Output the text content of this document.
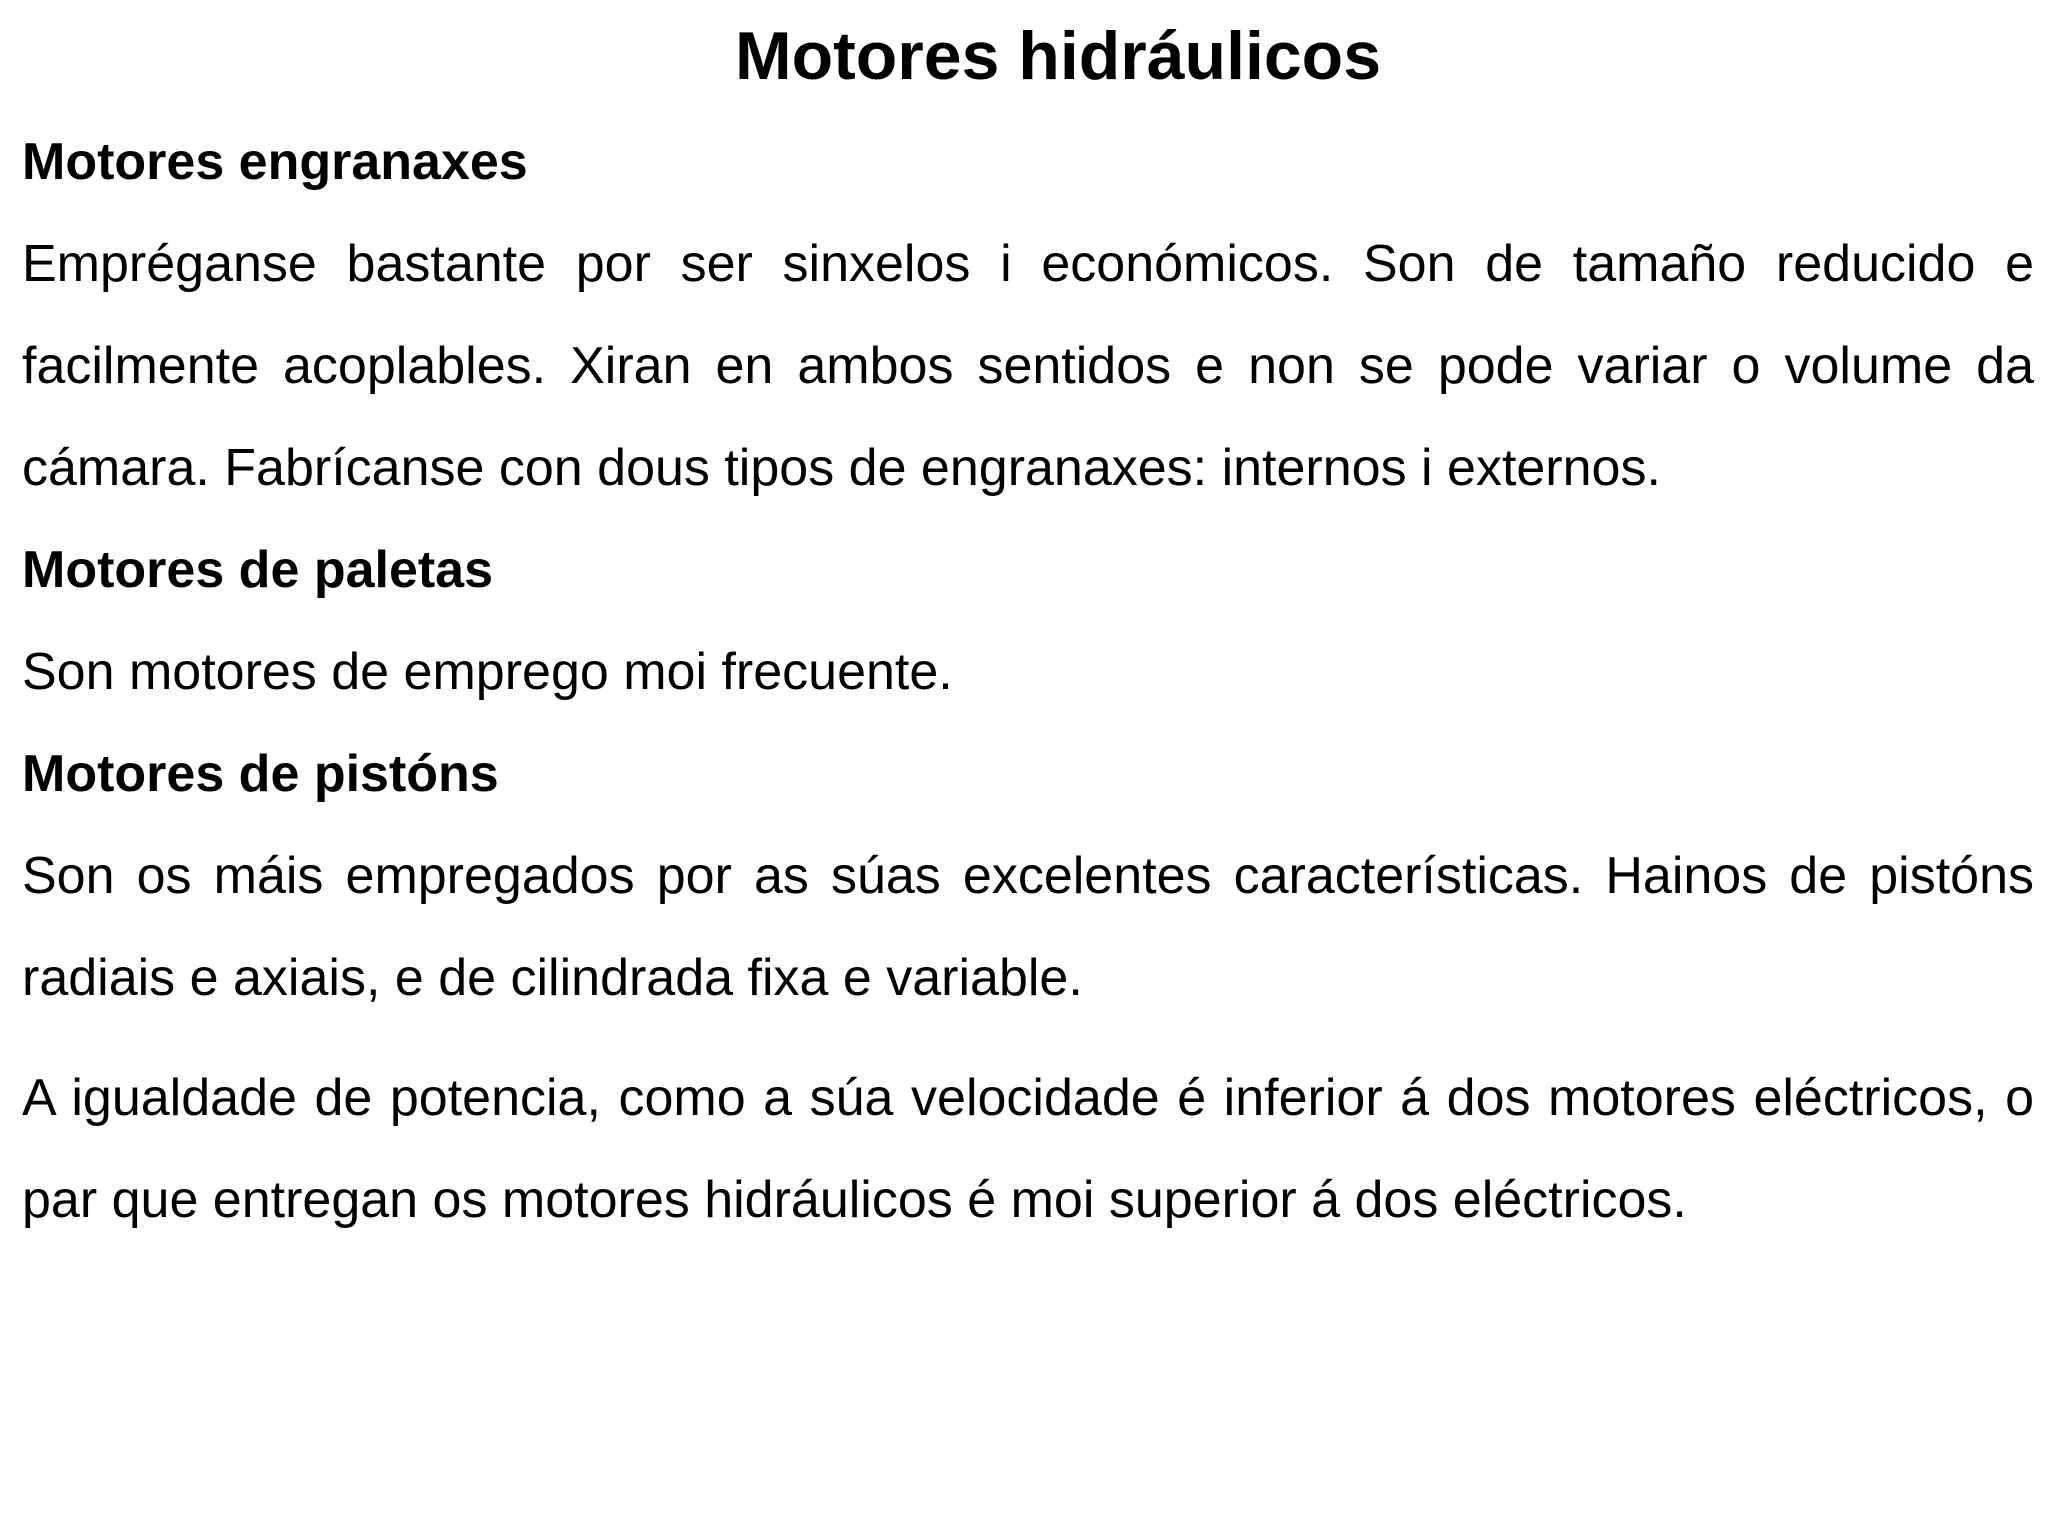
Motores hidráulicos
Motores engranaxes

Empréganse bastante por ser sinxelos i económicos. Son de tamaño reducido e facilmente acoplables. Xiran en ambos sentidos e non se pode variar o volume da cámara. Fabrícanse con dous tipos de engranaxes: internos i externos.

Motores de paletas

Son motores de emprego moi frecuente.

Motores de pistóns

Son os máis empregados por as súas excelentes características. Hainos de pistóns radiais e axiais, e de cilindrada fixa e variable.

A igualdade de potencia, como a súa velocidade é inferior á dos motores eléctricos, o par que entregan os motores hidráulicos é moi superior á dos eléctricos.
